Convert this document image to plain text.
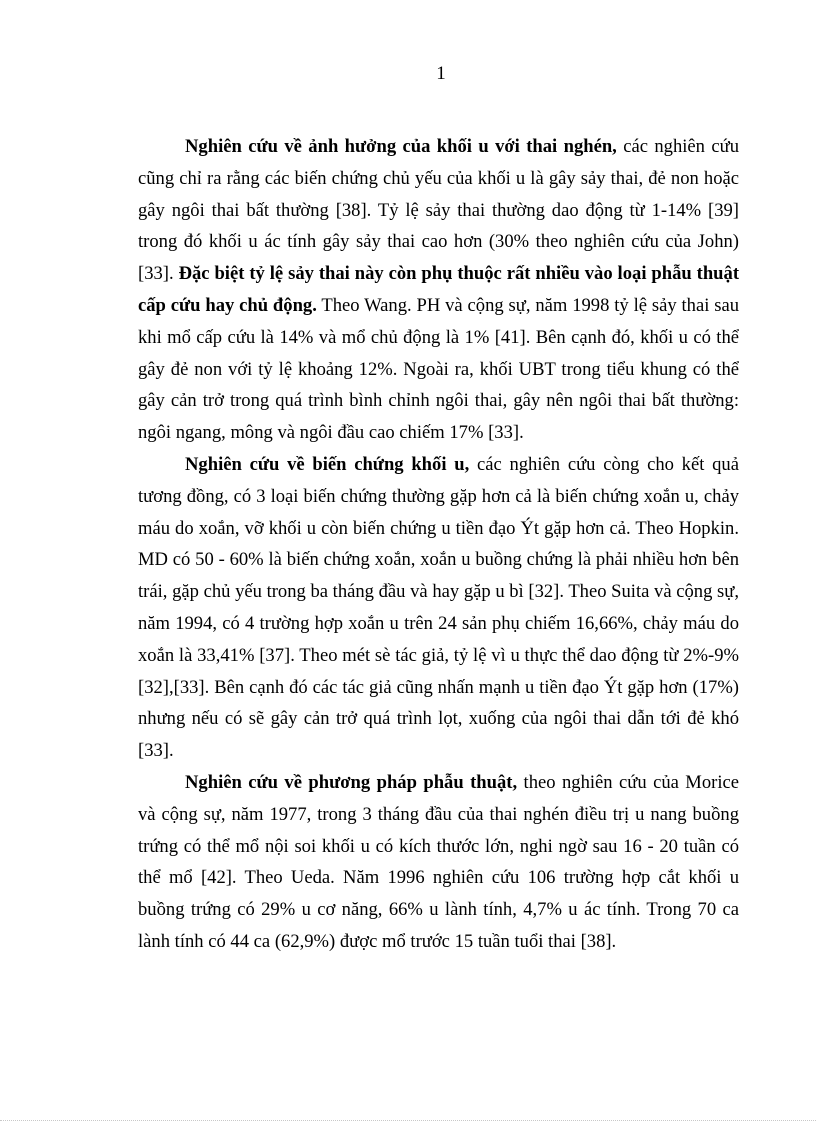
1

Nghiên cứu về ảnh hưởng của khối u với thai nghén, các nghiên cứu cũng chỉ ra rằng các biến chứng chủ yếu của khối u là gây sảy thai, đẻ non hoặc gây ngôi thai bất thường [38]. Tỷ lệ sảy thai thường dao động từ 1-14% [39] trong đó khối u ác tính gây sảy thai cao hơn (30% theo nghiên cứu của John) [33]. Đặc biệt tỷ lệ sảy thai này còn phụ thuộc rất nhiều vào loại phẫu thuật cấp cứu hay chủ động. Theo Wang. PH và cộng sự, năm 1998 tỷ lệ sảy thai sau khi mổ cấp cứu là 14% và mổ chủ động là 1% [41]. Bên cạnh đó, khối u có thể gây đẻ non với tỷ lệ khoảng 12%. Ngoài ra, khối UBT trong tiểu khung có thể gây cản trở trong quá trình bình chỉnh ngôi thai, gây nên ngôi thai bất thường: ngôi ngang, mông và ngôi đầu cao chiếm 17% [33].

Nghiên cứu về biến chứng khối u, các nghiên cứu còng cho kết quả tương đồng, có 3 loại biến chứng thường gặp hơn cả là biến chứng xoắn u, chảy máu do xoắn, vỡ khối u còn biến chứng u tiền đạo Ýt gặp hơn cả. Theo Hopkin. MD có 50 - 60% là biến chứng xoắn, xoắn u buồng chứng là phải nhiều hơn bên trái, gặp chủ yếu trong ba tháng đầu và hay gặp u bì [32]. Theo Suita và cộng sự, năm 1994, có 4 trường hợp xoắn u trên 24 sản phụ chiếm 16,66%, chảy máu do xoắn là 33,41% [37]. Theo mét sè tác giả, tỷ lệ vì u thực thể dao động từ 2%-9% [32],[33]. Bên cạnh đó các tác giả cũng nhấn mạnh u tiền đạo Ýt gặp hơn (17%) nhưng nếu có sẽ gây cản trở quá trình lọt, xuống của ngôi thai dẫn tới đẻ khó [33].

Nghiên cứu về phương pháp phẫu thuật, theo nghiên cứu của Morice và cộng sự, năm 1977, trong 3 tháng đầu của thai nghén điều trị u nang buồng trứng có thể mổ nội soi khối u có kích thước lớn, nghi ngờ sau 16 - 20 tuần có thể mổ [42]. Theo Ueda. Năm 1996 nghiên cứu 106 trường hợp cắt khối u buồng trứng có 29% u cơ năng, 66% u lành tính, 4,7% u ác tính. Trong 70 ca lành tính có 44 ca (62,9%) được mổ trước 15 tuần tuổi thai [38].
